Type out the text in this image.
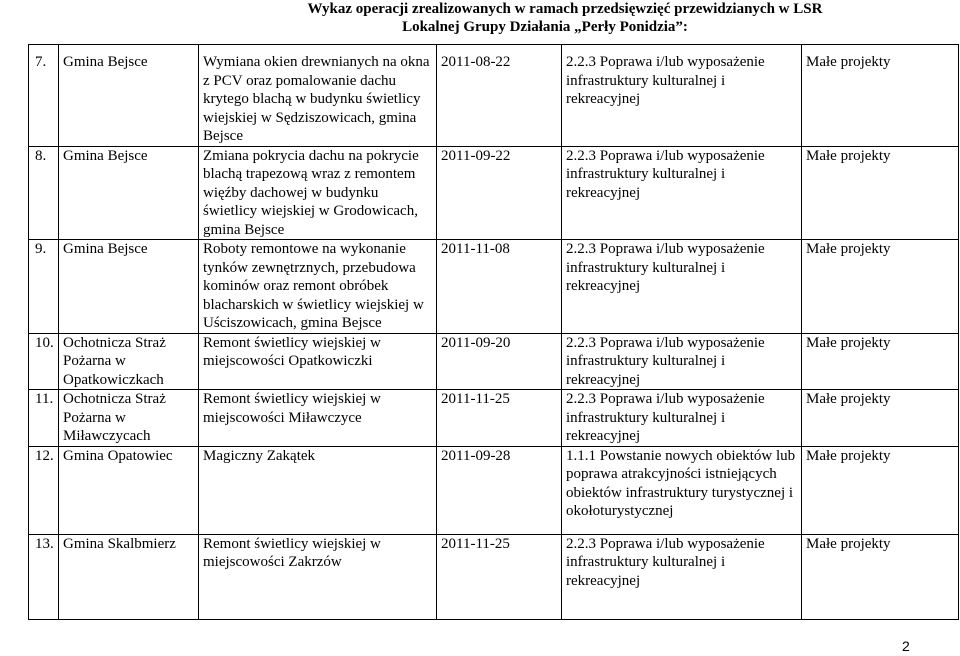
Wykaz operacji zrealizowanych w ramach przedsięwzięć przewidzianych w LSR
Lokalnej Grupy Działania „Perły Ponidzia”:
7.	Gmina Bejsce	Wymiana okien drewnianych na okna z PCV oraz pomalowanie dachu krytego blachą w budynku świetlicy wiejskiej w Sędziszowicach, gmina Bejsce	2011-08-22	2.2.3 Poprawa i/lub wyposażenie infrastruktury kulturalnej i rekreacyjnej	Małe projekty
8.	Gmina Bejsce	Zmiana pokrycia dachu na pokrycie blachą trapezową wraz z remontem więźby dachowej w budynku świetlicy wiejskiej w Grodowicach, gmina Bejsce	2011-09-22	2.2.3 Poprawa i/lub wyposażenie infrastruktury kulturalnej i rekreacyjnej	Małe projekty
9.	Gmina Bejsce	Roboty remontowe na wykonanie tynków zewnętrznych, przebudowa kominów oraz remont obróbek blacharskich w świetlicy wiejskiej w Uściszowicach, gmina Bejsce	2011-11-08	2.2.3 Poprawa i/lub wyposażenie infrastruktury kulturalnej i rekreacyjnej	Małe projekty
10.	Ochotnicza Straż Pożarna w Opatkowiczkach	Remont świetlicy wiejskiej w miejscowości Opatkowiczki	2011-09-20	2.2.3 Poprawa i/lub wyposażenie infrastruktury kulturalnej i rekreacyjnej	Małe projekty
11.	Ochotnicza Straż Pożarna w Miławczycach	Remont świetlicy wiejskiej w miejscowości Miławczyce	2011-11-25	2.2.3 Poprawa i/lub wyposażenie infrastruktury kulturalnej i rekreacyjnej	Małe projekty
12.	Gmina Opatowiec	Magiczny Zakątek	2011-09-28	1.1.1 Powstanie nowych obiektów lub poprawa atrakcyjności istniejących obiektów infrastruktury turystycznej i okołoturystycznej	Małe projekty
13.	Gmina Skalbmierz	Remont świetlicy wiejskiej w miejscowości Zakrzów	2011-11-25	2.2.3 Poprawa i/lub wyposażenie infrastruktury kulturalnej i rekreacyjnej	Małe projekty
2
